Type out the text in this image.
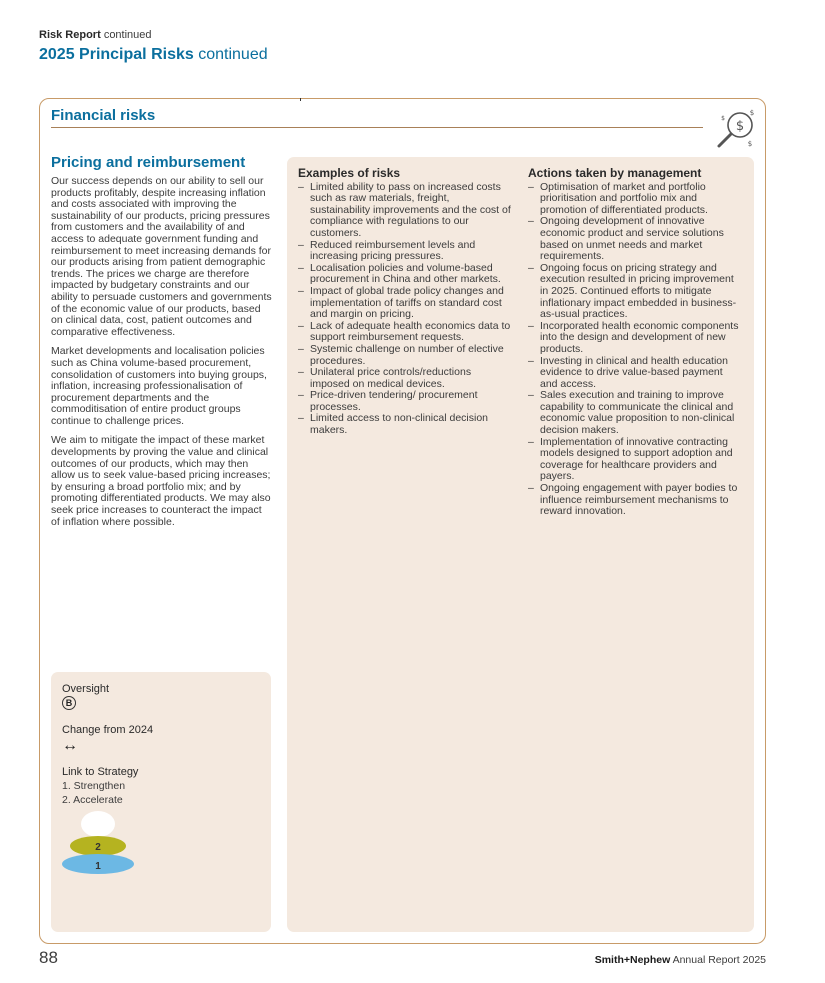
Risk Report continued
2025 Principal Risks continued
Financial risks
$
$
$
$
Pricing and reimbursement

Our success depends on our ability to sell our products profitably, despite increasing inflation and costs associated with improving the sustainability of our products, pricing pressures from customers and the availability of and access to adequate government funding and reimbursement to meet increasing demands for our products arising from patient demographic trends. The prices we charge are therefore impacted by budgetary constraints and our ability to persuade customers and governments of the economic value of our products, based on clinical data, cost, patient outcomes and comparative effectiveness.

Market developments and localisation policies such as China volume-based procurement, consolidation of customers into buying groups, inflation, increasing professionalisation of procurement departments and the commoditisation of entire product groups continue to challenge prices.

We aim to mitigate the impact of these market developments by proving the value and clinical outcomes of our products, which may then allow us to seek value-based pricing increases; by ensuring a broad portfolio mix; and by promoting differentiated products. We may also seek price increases to counteract the impact of inflation where possible.

Oversight
B
Change from 2024
↔
Link to Strategy
1. Strengthen
2. Accelerate
2
1
Examples of risks
– Limited ability to pass on increased costs such as raw materials, freight, sustainability improvements and the cost of compliance with regulations to our customers.
– Reduced reimbursement levels and increasing pricing pressures.
– Localisation policies and volume-based procurement in China and other markets.
– Impact of global trade policy changes and implementation of tariffs on standard cost and margin on pricing.
– Lack of adequate health economics data to support reimbursement requests.
– Systemic challenge on number of elective procedures.
– Unilateral price controls/reductions imposed on medical devices.
– Price-driven tendering/ procurement processes.
– Limited access to non-clinical decision makers.
Actions taken by management
– Optimisation of market and portfolio prioritisation and portfolio mix and promotion of differentiated products.
– Ongoing development of innovative economic product and service solutions based on unmet needs and market requirements.
– Ongoing focus on pricing strategy and execution resulted in pricing improvement in 2025. Continued efforts to mitigate inflationary impact embedded in business-as-usual practices.
– Incorporated health economic components into the design and development of new products.
– Investing in clinical and health education evidence to drive value-based payment and access.
– Sales execution and training to improve capability to communicate the clinical and economic value proposition to non-clinical decision makers.
– Implementation of innovative contracting models designed to support adoption and coverage for healthcare providers and payers.
– Ongoing engagement with payer bodies to influence reimbursement mechanisms to reward innovation.
88	Smith+Nephew Annual Report 2025
